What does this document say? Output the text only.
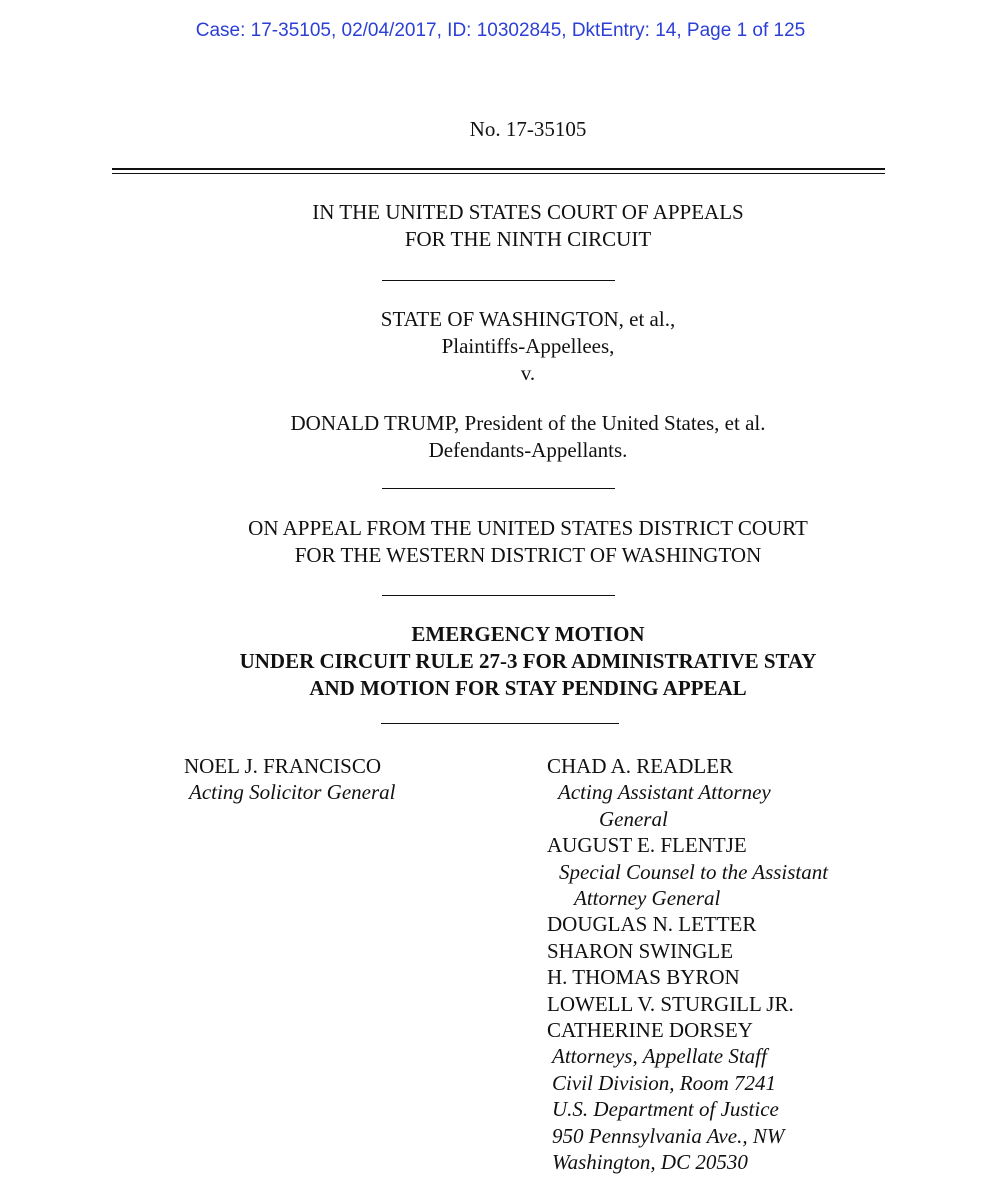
Case: 17-35105, 02/04/2017, ID: 10302845, DktEntry: 14, Page 1 of 125
No. 17-35105
IN THE UNITED STATES COURT OF APPEALS
FOR THE NINTH CIRCUIT
STATE OF WASHINGTON, et al.,
Plaintiffs-Appellees,
v.
DONALD TRUMP, President of the United States, et al.
Defendants-Appellants.
ON APPEAL FROM THE UNITED STATES DISTRICT COURT
FOR THE WESTERN DISTRICT OF WASHINGTON
EMERGENCY MOTION
UNDER CIRCUIT RULE 27-3 FOR ADMINISTRATIVE STAY
AND MOTION FOR STAY PENDING APPEAL
NOEL J. FRANCISCO
Acting Solicitor General
CHAD A. READLER
Acting Assistant Attorney
General
AUGUST E. FLENTJE
Special Counsel to the Assistant
Attorney General
DOUGLAS N. LETTER
SHARON SWINGLE
H. THOMAS BYRON
LOWELL V. STURGILL JR.
CATHERINE DORSEY
Attorneys, Appellate Staff
Civil Division, Room 7241
U.S. Department of Justice
950 Pennsylvania Ave., NW
Washington, DC 20530
